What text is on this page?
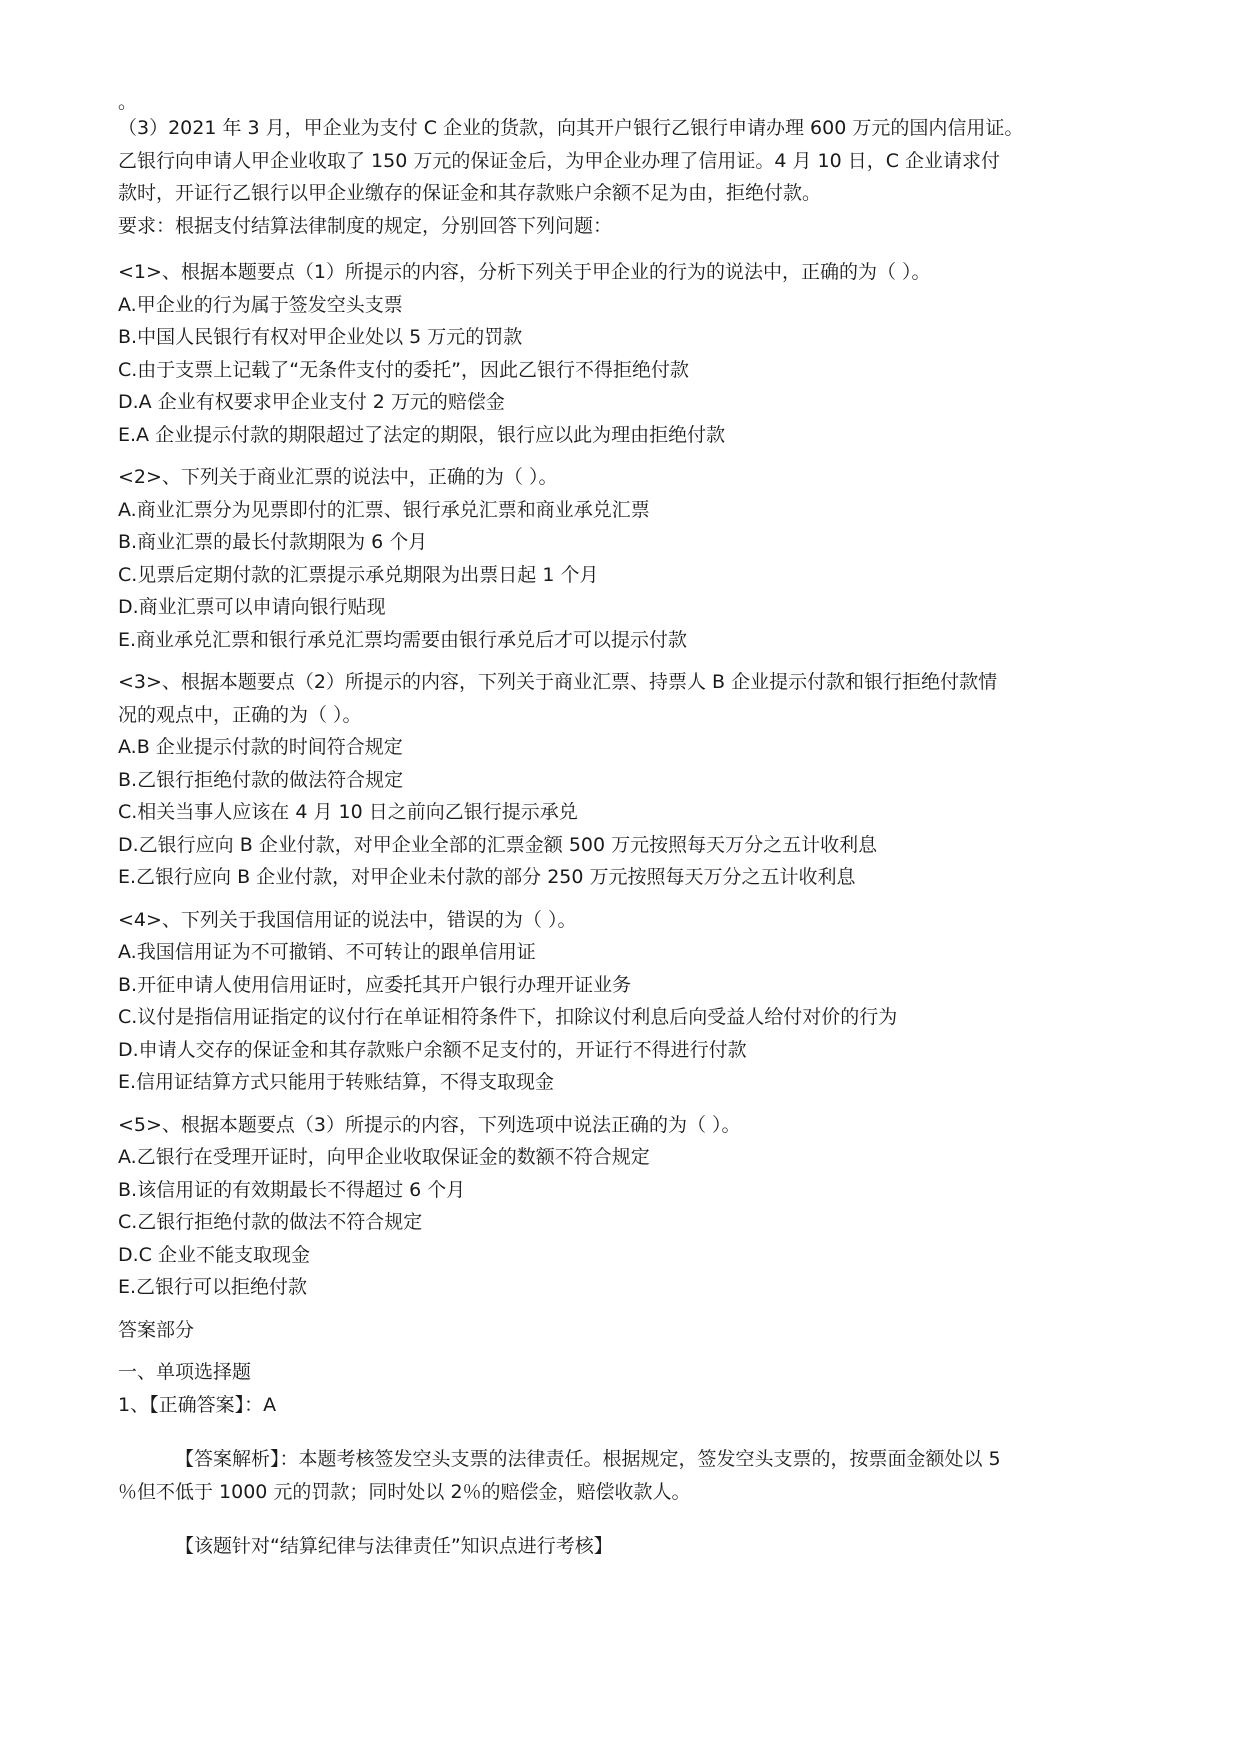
。
（3）2021 年 3 月，甲企业为支付 C 企业的货款，向其开户银行乙银行申请办理 600 万元的国内信用证。
乙银行向申请人甲企业收取了 150 万元的保证金后，为甲企业办理了信用证。4 月 10 日，C 企业请求付
款时，开证行乙银行以甲企业缴存的保证金和其存款账户余额不足为由，拒绝付款。
要求：根据支付结算法律制度的规定，分别回答下列问题：
<1>、根据本题要点（1）所提示的内容，分析下列关于甲企业的行为的说法中，正确的为（ ）。
A.甲企业的行为属于签发空头支票
B.中国人民银行有权对甲企业处以 5 万元的罚款
C.由于支票上记载了“无条件支付的委托”，因此乙银行不得拒绝付款
D.A 企业有权要求甲企业支付 2 万元的赔偿金
E.A 企业提示付款的期限超过了法定的期限，银行应以此为理由拒绝付款
<2>、下列关于商业汇票的说法中，正确的为（ ）。
A.商业汇票分为见票即付的汇票、银行承兑汇票和商业承兑汇票
B.商业汇票的最长付款期限为 6 个月
C.见票后定期付款的汇票提示承兑期限为出票日起 1 个月
D.商业汇票可以申请向银行贴现
E.商业承兑汇票和银行承兑汇票均需要由银行承兑后才可以提示付款
<3>、根据本题要点（2）所提示的内容，下列关于商业汇票、持票人 B 企业提示付款和银行拒绝付款情
况的观点中，正确的为（ ）。
A.B 企业提示付款的时间符合规定
B.乙银行拒绝付款的做法符合规定
C.相关当事人应该在 4 月 10 日之前向乙银行提示承兑
D.乙银行应向 B 企业付款，对甲企业全部的汇票金额 500 万元按照每天万分之五计收利息
E.乙银行应向 B 企业付款，对甲企业未付款的部分 250 万元按照每天万分之五计收利息
<4>、下列关于我国信用证的说法中，错误的为（ ）。
A.我国信用证为不可撤销、不可转让的跟单信用证
B.开征申请人使用信用证时，应委托其开户银行办理开证业务
C.议付是指信用证指定的议付行在单证相符条件下，扣除议付利息后向受益人给付对价的行为
D.申请人交存的保证金和其存款账户余额不足支付的，开证行不得进行付款
E.信用证结算方式只能用于转账结算，不得支取现金
<5>、根据本题要点（3）所提示的内容，下列选项中说法正确的为（ ）。
A.乙银行在受理开证时，向甲企业收取保证金的数额不符合规定
B.该信用证的有效期最长不得超过 6 个月
C.乙银行拒绝付款的做法不符合规定
D.C 企业不能支取现金
E.乙银行可以拒绝付款
答案部分
一、单项选择题
1、【正确答案】：A
【答案解析】：本题考核签发空头支票的法律责任。根据规定，签发空头支票的，按票面金额处以 5
％但不低于 1000 元的罚款；同时处以 2％的赔偿金，赔偿收款人。
【该题针对“结算纪律与法律责任”知识点进行考核】
